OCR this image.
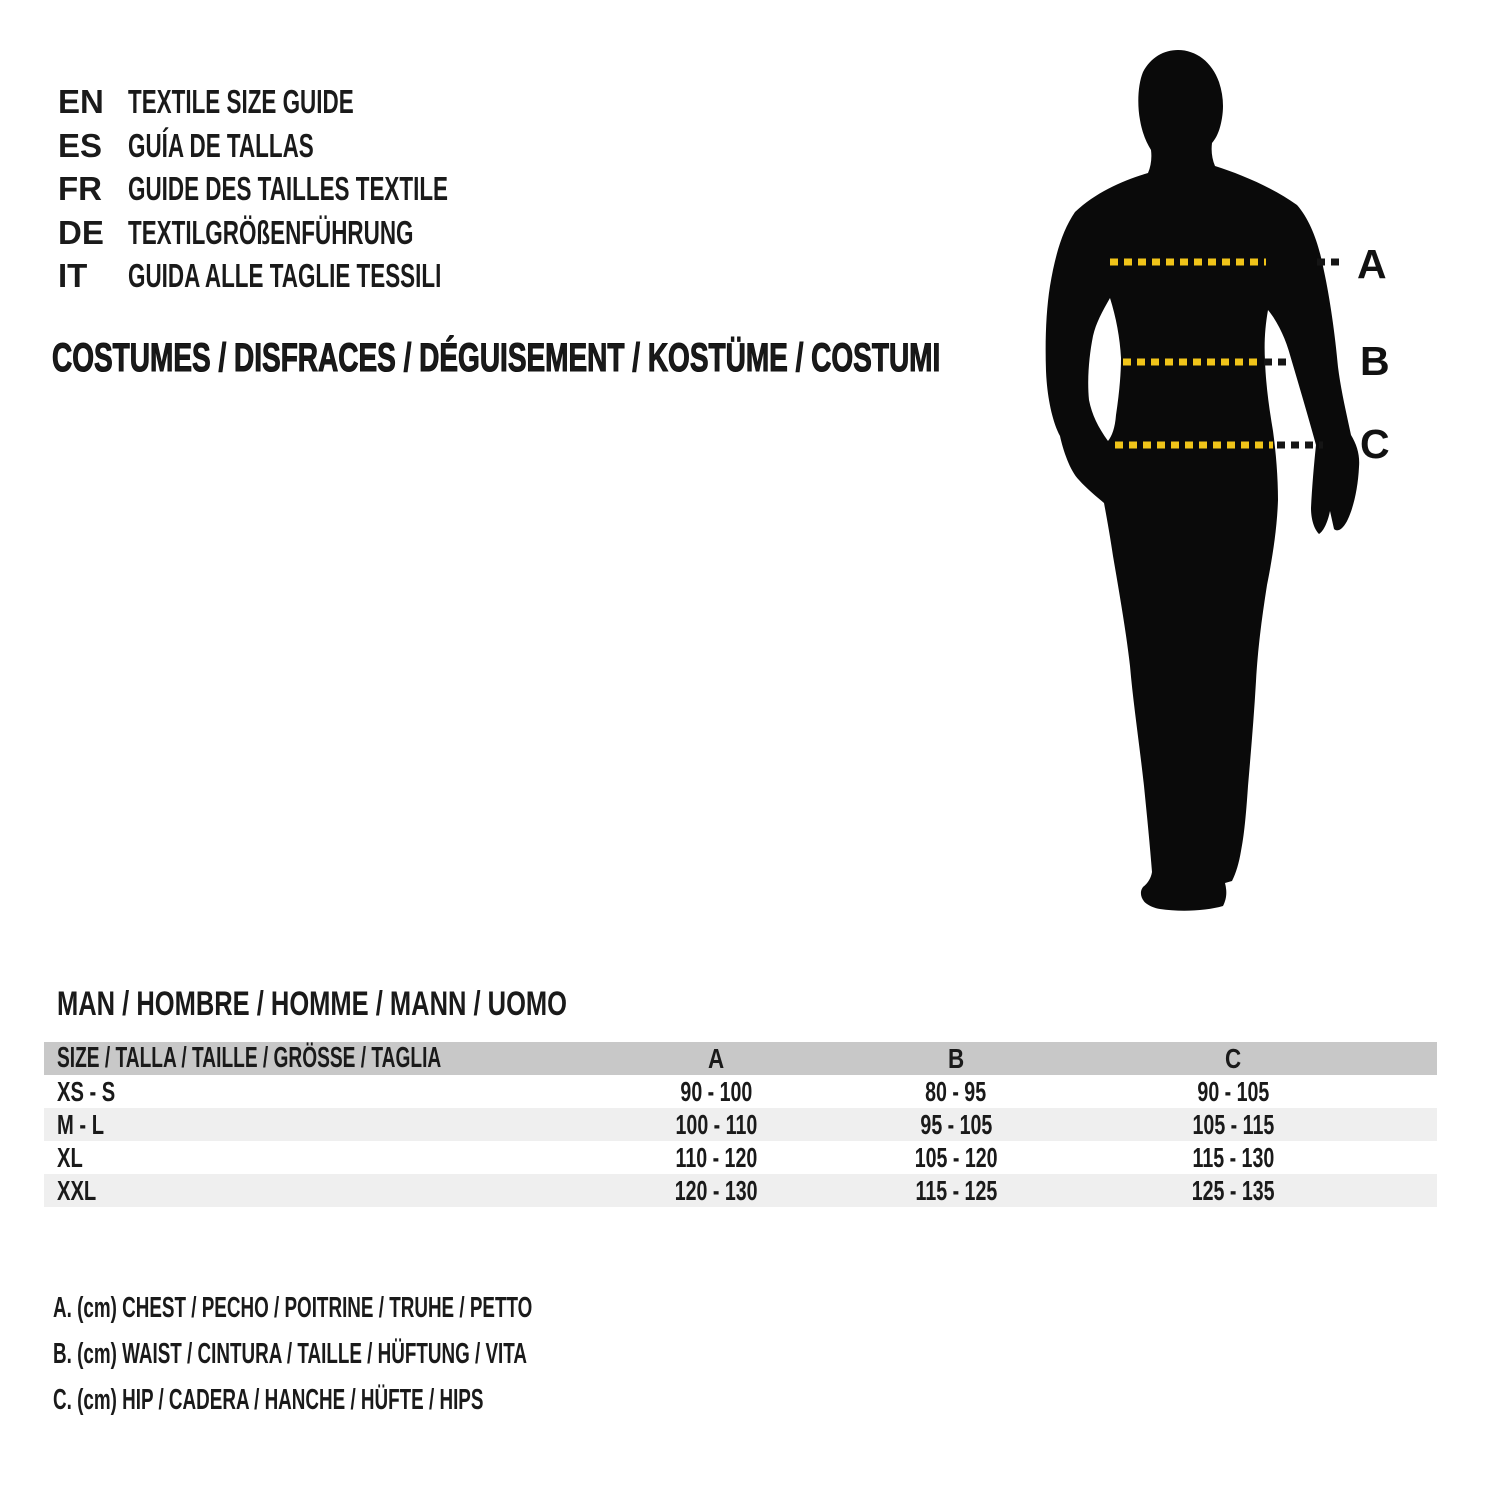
EN TEXTILE SIZE GUIDE
ES GUÍA DE TALLAS
FR GUIDE DES TAILLES TEXTILE
DE TEXTILGRÖßENFÜHRUNG
IT GUIDA ALLE TAGLIE TESSILI
COSTUMES / DISFRACES / DÉGUISEMENT / KOSTÜME / COSTUMI
A
B
C
MAN / HOMBRE / HOMME / MANN / UOMO
SIZE / TALLA / TAILLE / GRÖSSE / TAGLIA	A	B	C
XS - S	90 - 100	80 - 95	90 - 105
M - L	100 - 110	95 - 105	105 - 115
XL	110 - 120	105 - 120	115 - 130
XXL	120 - 130	115 - 125	125 - 135
A. (cm) CHEST / PECHO / POITRINE / TRUHE / PETTO
B. (cm) WAIST / CINTURA / TAILLE / HÜFTUNG / VITA
C. (cm) HIP / CADERA / HANCHE / HÜFTE / HIPS
